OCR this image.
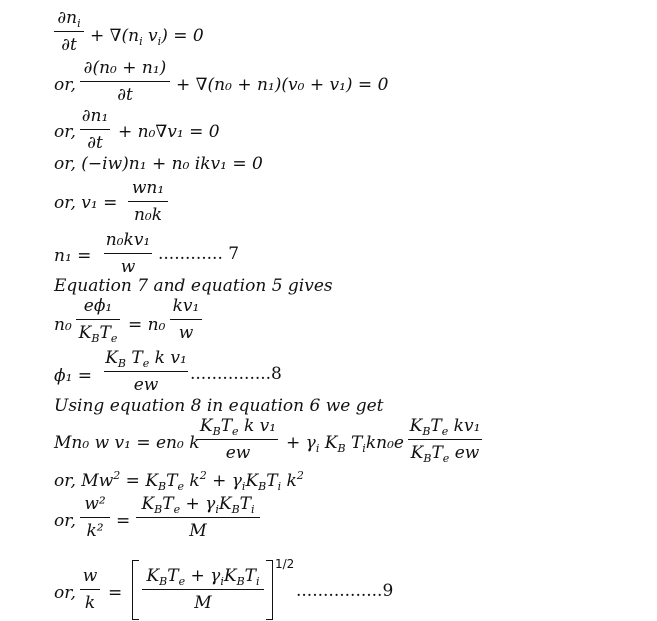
$\partial n_i$
$\partial t + \nabla(n_i$ $v_i) = 0$
or,
∂(n₀ + n₁)
∂t	+ ∇(n₀ + n₁)(v₀ + v₁) = 0
or,
∂n₁
∂t
+ n₀∇v₁ = 0
or, (−iw)n₁ + n₀ ikv₁ = 0
or, v₁ =
wn₁
n₀k
n₁ =
n₀kv₁
w
............ 7
Equation 7 and equation 5 gives
n₀
eϕ₁
$K_BT_e$
= n₀
kv₁
w
ϕ₁ =
$K_B$ $T_e$ k v₁
ew
...............8
Using equation 8 in equation 6 we get
Mn₀ w v₁ = en₀ k
$K_BT_e$ k v₁
ew	+ $\gamma_i$ $K_B$ $T_ikn_0e$
$K_BT_e$ kv₁
$K_BT_e$ ew
or, $Mw^2 = K_BT_e$ $k^2 + \gamma_iK_BT_i$ $k^2$
or,
w²
k² =
$K_BT_e + \gamma_iK_BT_i$
M
or,
w
k =
$K_BT_e + \gamma_iK_BT_i$
M
1/2
................9
